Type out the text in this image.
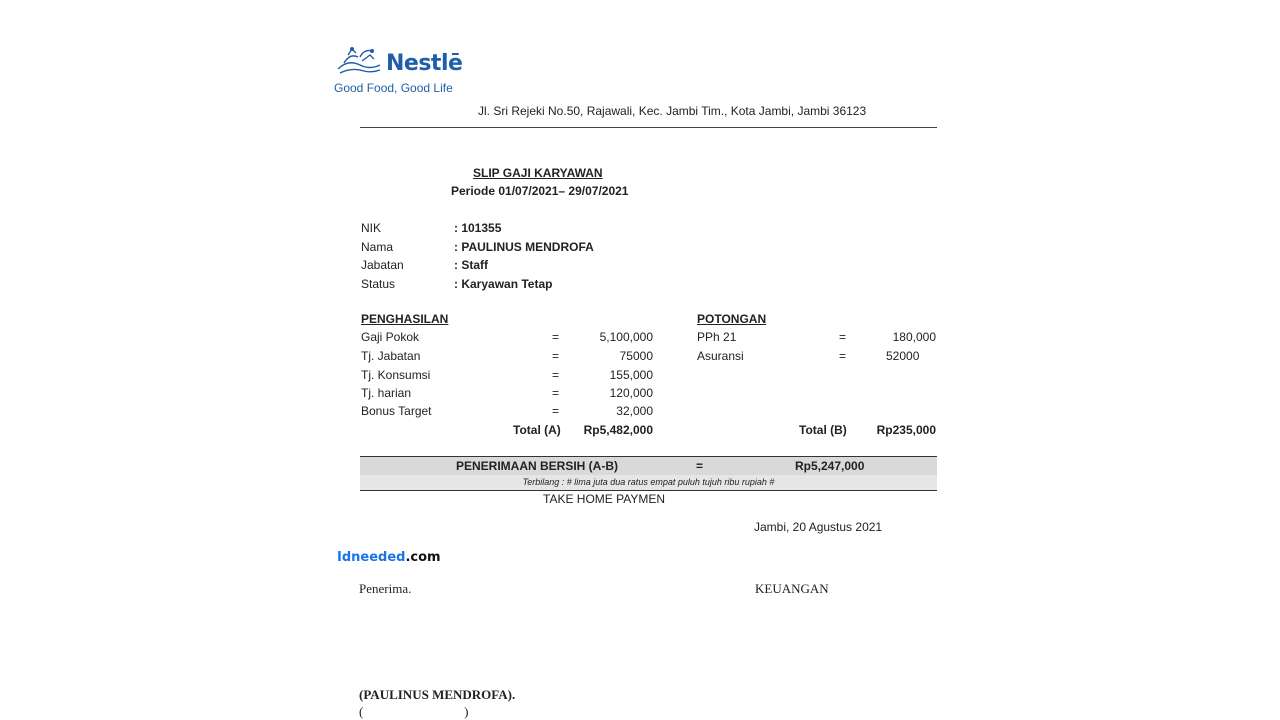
Nestlē
Good Food, Good Life
Jl. Sri Rejeki No.50, Rajawali, Kec. Jambi Tim., Kota Jambi, Jambi 36123
SLIP GAJI KARYAWAN
Periode 01/07/2021– 29/07/2021
NIK	: 101355
Nama	: PAULINUS MENDROFA
Jabatan	: Staff
Status	: Karyawan Tetap
PENGHASILAN
Gaji Pokok	=	5,100,000
Tj. Jabatan	=	75000
Tj. Konsumsi	=	155,000
Tj. harian	=	120,000
Bonus Target	=	32,000
Total (A)	Rp5,482,000
POTONGAN
PPh 21	=	180,000
Asuransi	=	52000
Total (B)	Rp235,000
PENERIMAAN BERSIH (A-B)	=	Rp5,247,000
Terbilang : # lima juta dua ratus empat puluh tujuh ribu rupiah #
TAKE HOME PAYMEN
Jambi, 20 Agustus 2021
Idneeded.com
Penerima.	KEUANGAN
(PAULINUS MENDROFA).
(                               )
